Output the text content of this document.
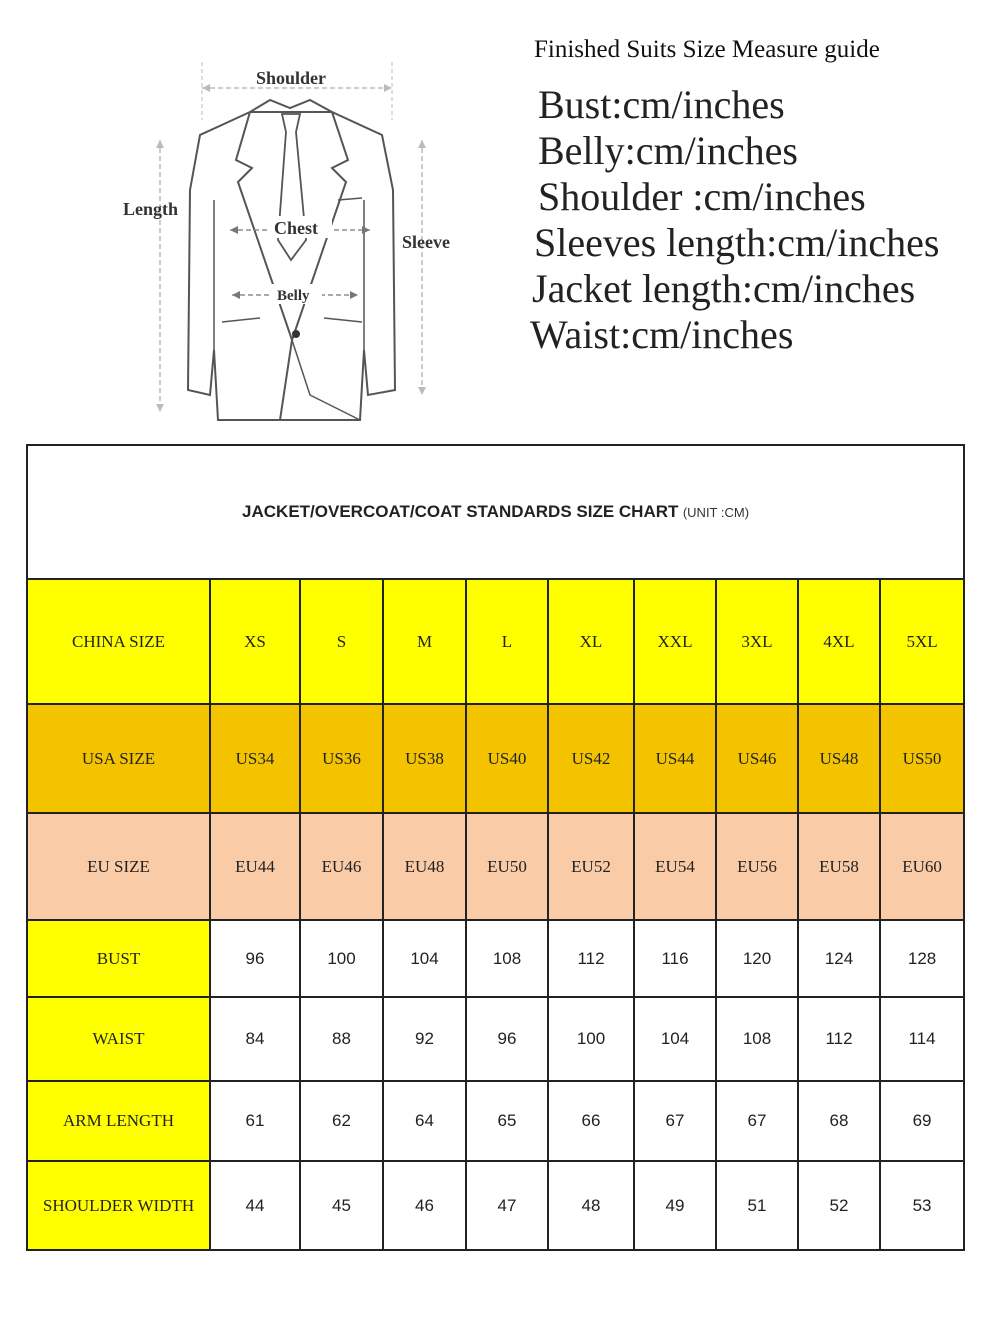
Shoulder
Length
Sleeve
Chest
Belly
Finished Suits Size Measure guide
Bust:cm/inches
Belly:cm/inches
Shoulder :cm/inches
Sleeves length:cm/inches
Jacket length:cm/inches
Waist:cm/inches
JACKET/OVERCOAT/COAT STANDARDS SIZE CHART (UNIT :CM)									
CHINA SIZE	XS	S	M	L	XL	XXL	3XL	4XL	5XL
USA SIZE	US34	US36	US38	US40	US42	US44	US46	US48	US50
EU SIZE	EU44	EU46	EU48	EU50	EU52	EU54	EU56	EU58	EU60
BUST	96	100	104	108	112	116	120	124	128
WAIST	84	88	92	96	100	104	108	112	114
ARM LENGTH	61	62	64	65	66	67	67	68	69
SHOULDER WIDTH	44	45	46	47	48	49	51	52	53
